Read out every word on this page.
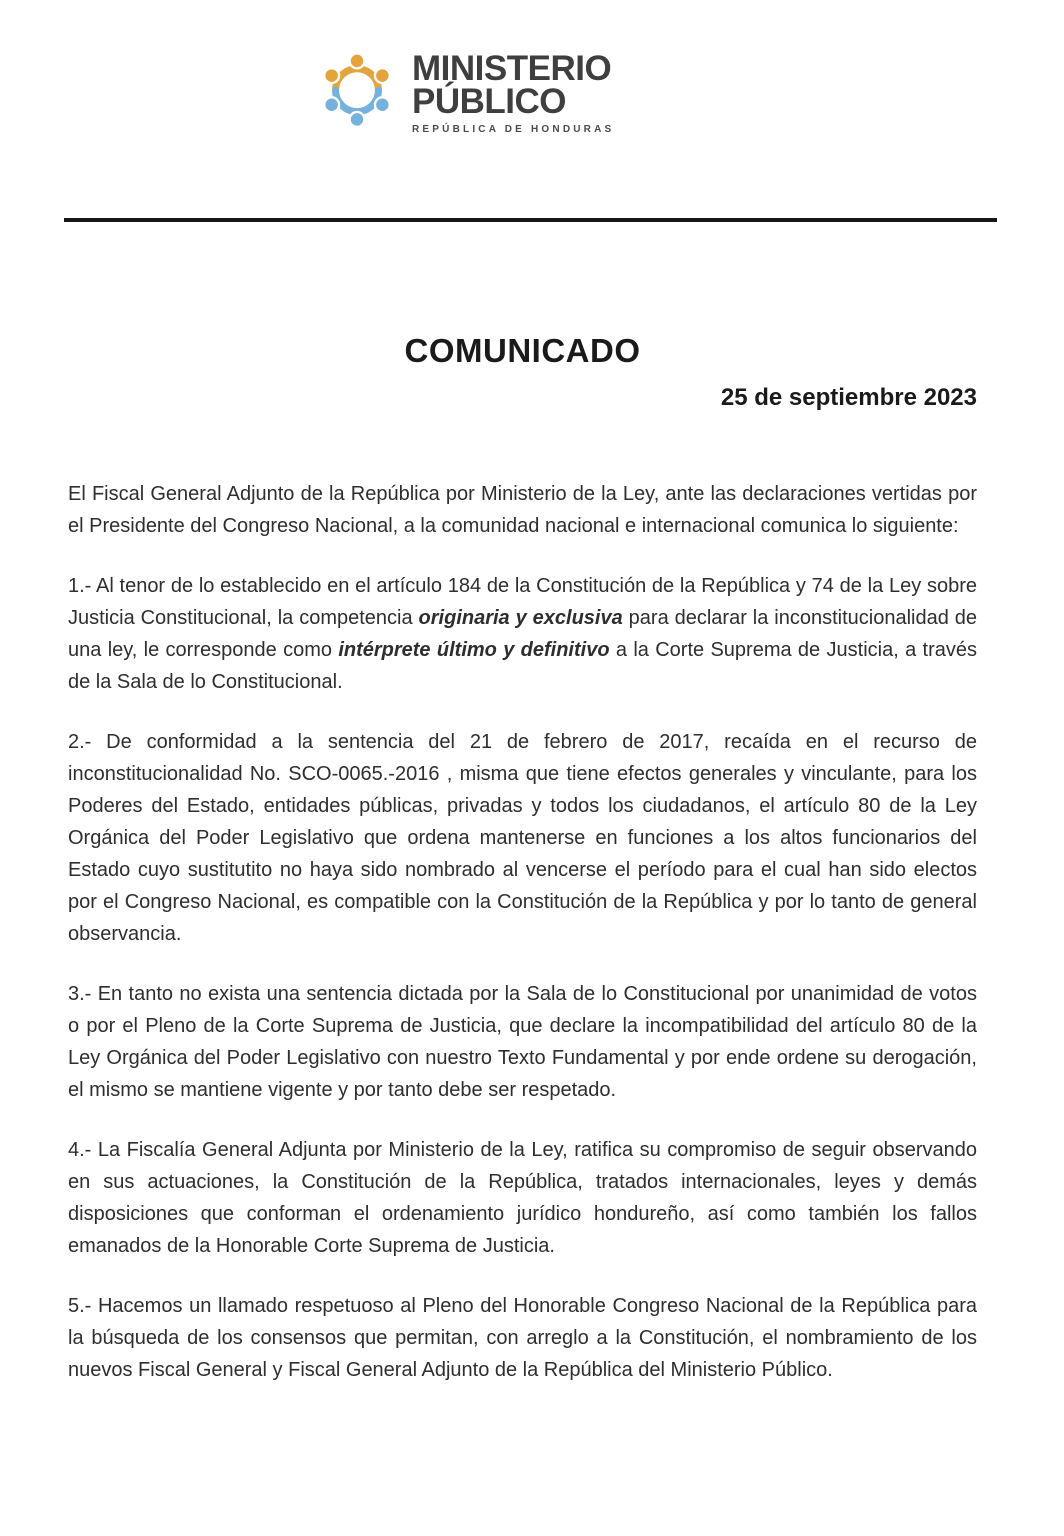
MINISTERIO
PÚBLICO
REPÚBLICA DE HONDURAS
COMUNICADO
25 de septiembre 2023

El Fiscal General Adjunto de la República por Ministerio de la Ley, ante las declaraciones vertidas por el Presidente del Congreso Nacional, a la comunidad nacional e internacional comunica lo siguiente:

1.- Al tenor de lo establecido en el artículo 184 de la Constitución de la República y 74 de la Ley sobre Justicia Constitucional, la competencia originaria y exclusiva para declarar la inconstitucionalidad de una ley, le corresponde como intérprete último y definitivo a la Corte Suprema de Justicia, a través de la Sala de lo Constitucional.

2.- De conformidad a la sentencia del 21 de febrero de 2017, recaída en el recurso de inconstitucionalidad No. SCO-0065.-2016 , misma que tiene efectos generales y vinculante, para los Poderes del Estado, entidades públicas, privadas y todos los ciudadanos, el artículo 80 de la Ley Orgánica del Poder Legislativo que ordena mantenerse en funciones a los altos funcionarios del Estado cuyo sustitutito no haya sido nombrado al vencerse el período para el cual han sido electos por el Congreso Nacional, es compatible con la Constitución de la República y por lo tanto de general observancia.

3.- En tanto no exista una sentencia dictada por la Sala de lo Constitucional por unanimidad de votos o por el Pleno de la Corte Suprema de Justicia, que declare la incompatibilidad del artículo 80 de la Ley Orgánica del Poder Legislativo con nuestro Texto Fundamental y por ende ordene su derogación, el mismo se mantiene vigente y por tanto debe ser respetado.

4.- La Fiscalía General Adjunta por Ministerio de la Ley, ratifica su compromiso de seguir observando en sus actuaciones, la Constitución de la República, tratados internacionales, leyes y demás disposiciones que conforman el ordenamiento jurídico hondureño, así como también los fallos emanados de la Honorable Corte Suprema de Justicia.

5.- Hacemos un llamado respetuoso al Pleno del Honorable Congreso Nacional de la República para la búsqueda de los consensos que permitan, con arreglo a la Constitución, el nombramiento de los nuevos Fiscal General y Fiscal General Adjunto de la República del Ministerio Público.
